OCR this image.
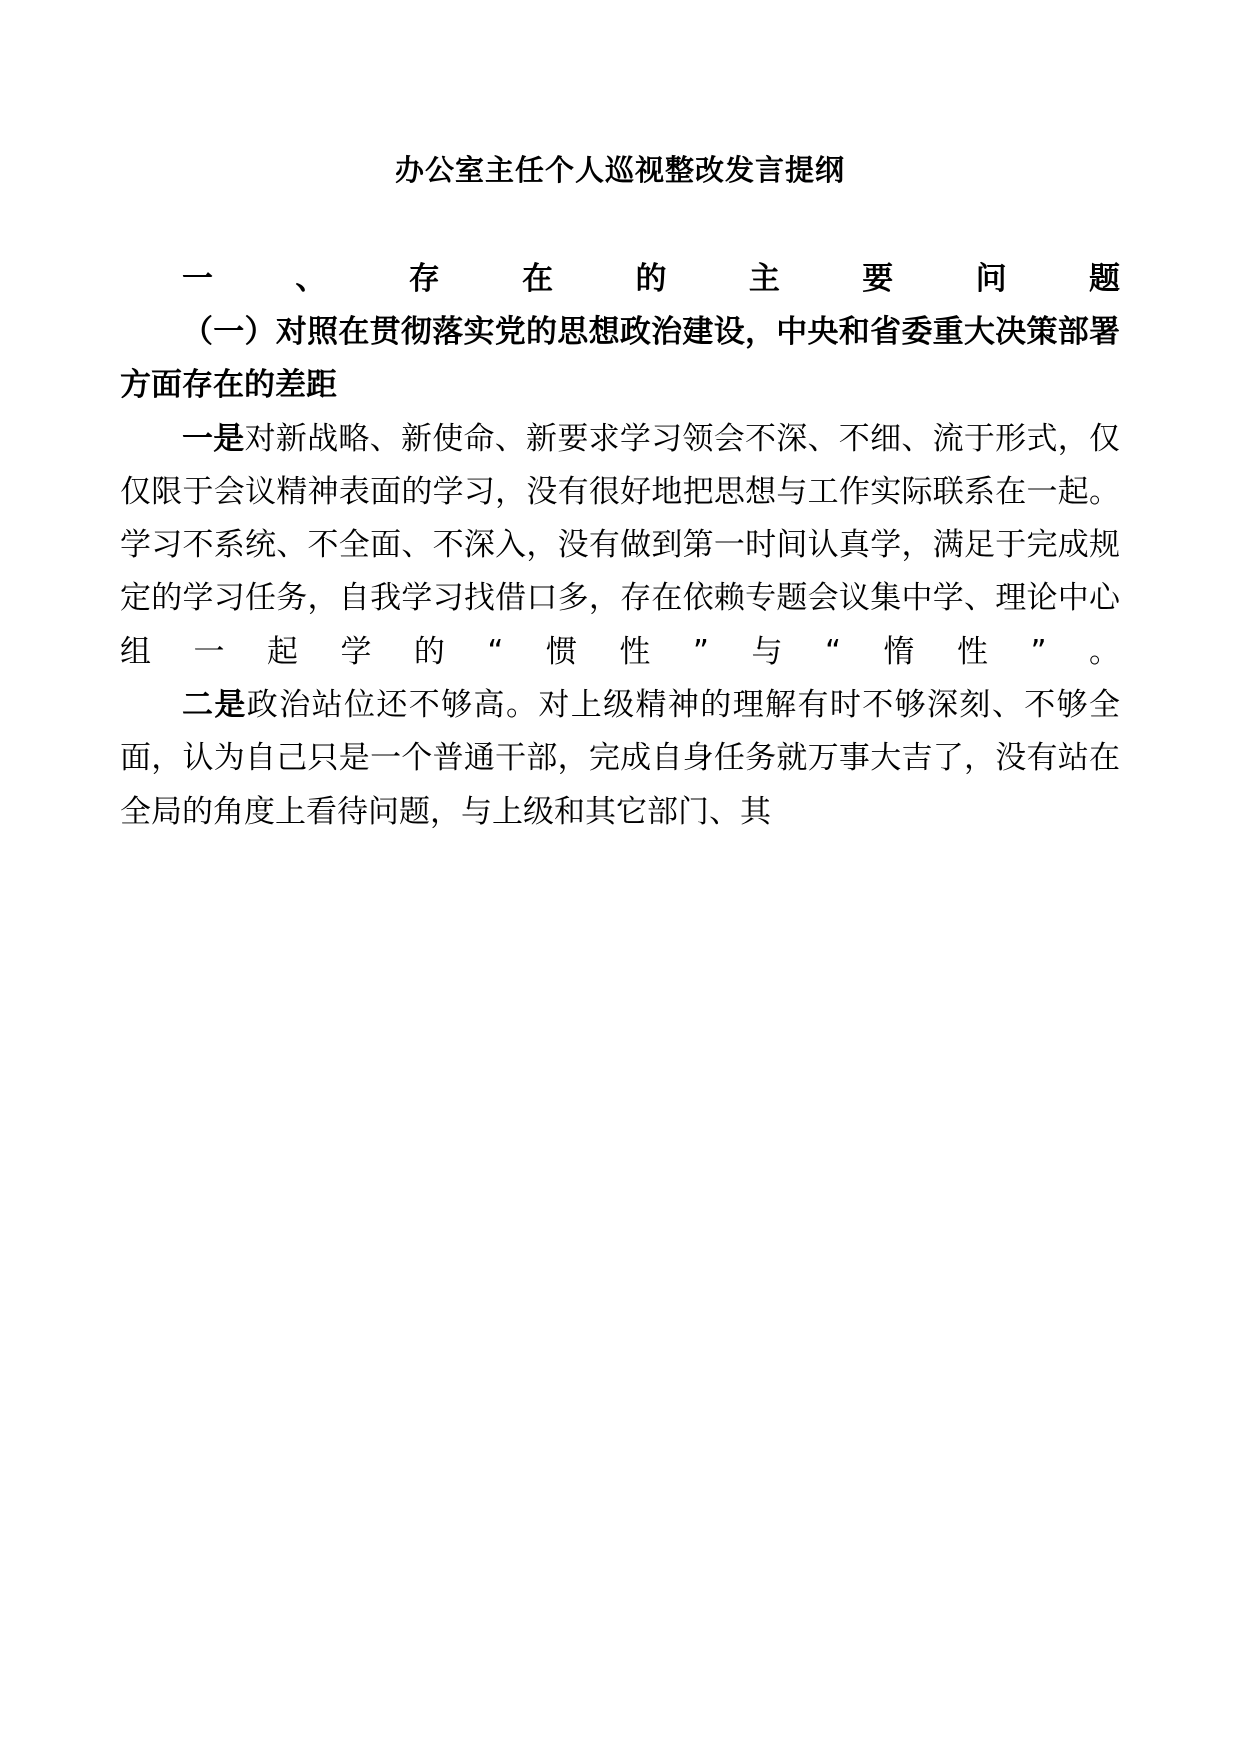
办公室主任个人巡视整改发言提纲

一、存在的主要问题

（一）对照在贯彻落实党的思想政治建设，中央和省委重大决策部署方面存在的差距

一是对新战略、新使命、新要求学习领会不深、不细、流于形式，仅仅限于会议精神表面的学习，没有很好地把思想与工作实际联系在一起。学习不系统、不全面、不深入，没有做到第一时间认真学，满足于完成规定的学习任务，自我学习找借口多，存在依赖专题会议集中学、理论中心组一起学的“惯性”与“惰性”。

二是政治站位还不够高。对上级精神的理解有时不够深刻、不够全面，认为自己只是一个普通干部，完成自身任务就万事大吉了，没有站在全局的角度上看待问题，与上级和其它部门、其
